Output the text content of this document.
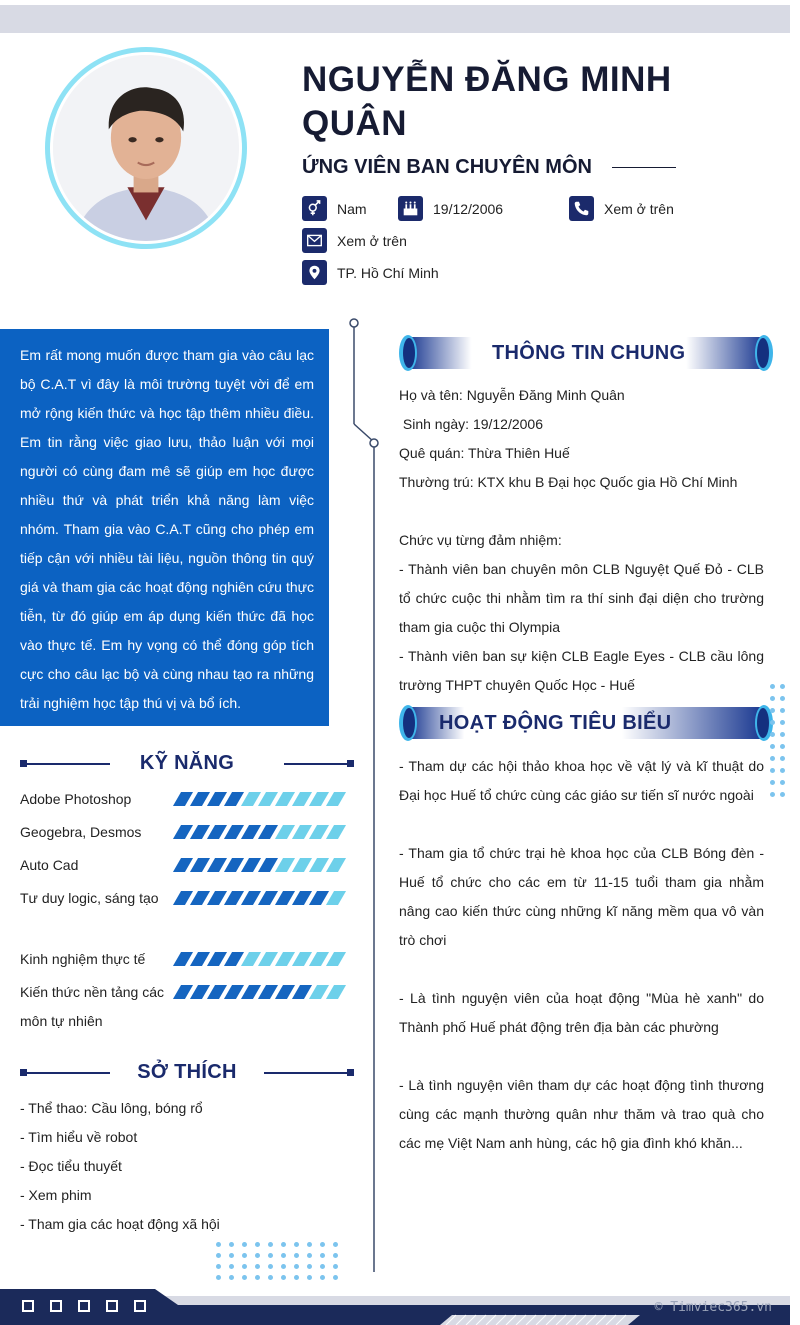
NGUYỄN ĐĂNG MINH QUÂN
ỨNG VIÊN BAN CHUYÊN MÔN
Nam	19/12/2006	Xem ở trên
Xem ở trên
TP. Hồ Chí Minh
Em rất mong muốn được tham gia vào câu lạc bộ C.A.T vì đây là môi trường tuyệt vời để em mở rộng kiến thức và học tập thêm nhiều điều. Em tin rằng việc giao lưu, thảo luận với mọi người có cùng đam mê sẽ giúp em học được nhiều thứ và phát triển khả năng làm việc nhóm. Tham gia vào C.A.T cũng cho phép em tiếp cận với nhiều tài liệu, nguồn thông tin quý giá và tham gia các hoạt động nghiên cứu thực tiễn, từ đó giúp em áp dụng kiến thức đã học vào thực tế. Em hy vọng có thể đóng góp tích cực cho câu lạc bộ và cùng nhau tạo ra những trải nghiệm học tập thú vị và bổ ích.
KỸ NĂNG
Adobe Photoshop
Geogebra, Desmos
Auto Cad
Tư duy logic, sáng tạo
Kinh nghiệm thực tế
Kiến thức nền tảng các môn tự nhiên
SỞ THÍCH
- Thể thao: Cầu lông, bóng rổ
- Tìm hiểu về robot
- Đọc tiểu thuyết
- Xem phim
- Tham gia các hoạt động xã hội
THÔNG TIN CHUNG
Họ và tên: Nguyễn Đăng Minh Quân
Sinh ngày: 19/12/2006
Quê quán: Thừa Thiên Huế
Thường trú: KTX khu B Đại học Quốc gia Hồ Chí Minh
Chức vụ từng đảm nhiệm:
- Thành viên ban chuyên môn CLB Nguyệt Quế Đỏ - CLB tổ chức cuộc thi nhằm tìm ra thí sinh đại diện cho trường tham gia cuộc thi Olympia
- Thành viên ban sự kiện CLB Eagle Eyes - CLB cầu lông trường THPT chuyên Quốc Học - Huế
HOẠT ĐỘNG TIÊU BIỂU
- Tham dự các hội thảo khoa học về vật lý và kĩ thuật do Đại học Huế tổ chức cùng các giáo sư tiến sĩ nước ngoài
- Tham gia tổ chức trại hè khoa học của CLB Bóng đèn - Huế tổ chức cho các em từ 11-15 tuổi tham gia nhằm nâng cao kiến thức cùng những kĩ năng mềm qua vô vàn trò chơi
- Là tình nguyện viên của hoạt động "Mùa hè xanh" do Thành phố Huế phát động trên địa bàn các phường
- Là tình nguyện viên tham dự các hoạt động tình thương cùng các mạnh thường quân như thăm và trao quà cho các mẹ Việt Nam anh hùng, các hộ gia đình khó khăn...
© Timviec365.vn
